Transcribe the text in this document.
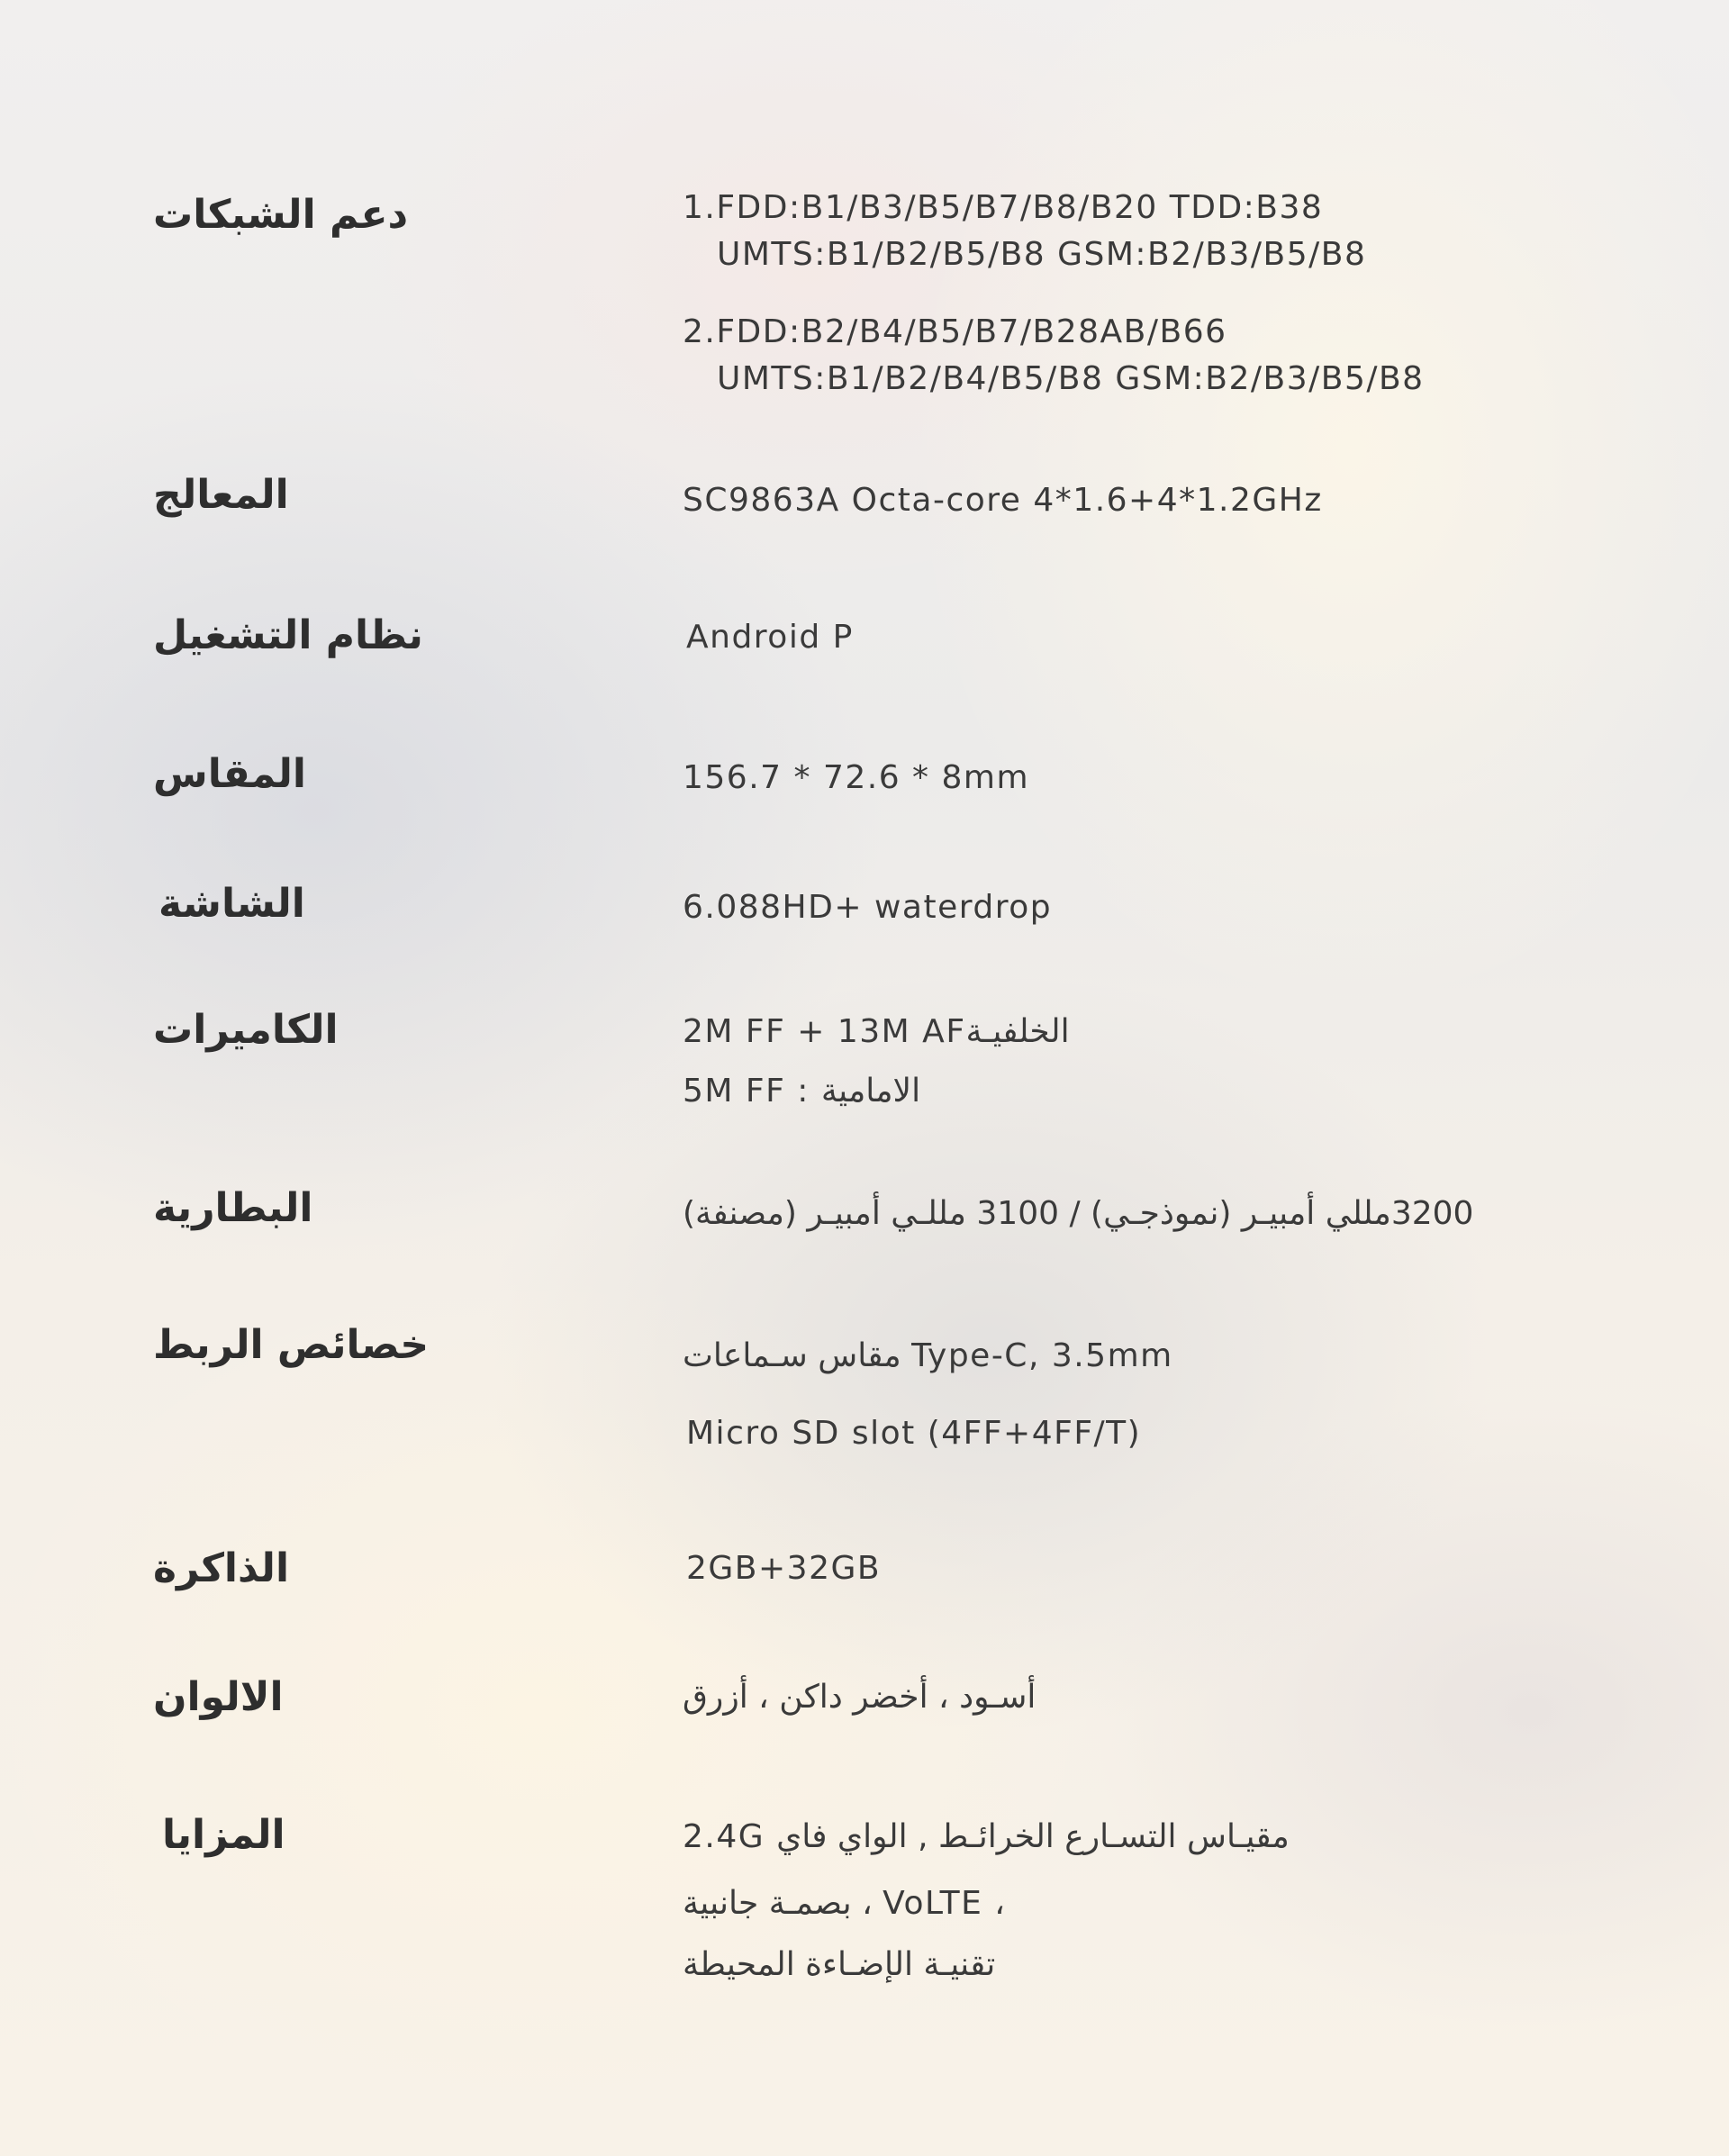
دعم الشبكات	1.FDD:B1/B3/B5/B7/B8/B20 TDD:B38
UMTS:B1/B2/B5/B8 GSM:B2/B3/B5/B8
2.FDD:B2/B4/B5/B7/B28AB/B66
UMTS:B1/B2/B4/B5/B8 GSM:B2/B3/B5/B8
المعالج	SC9863A Octa-core 4*1.6+4*1.2GHz
نظام التشغيل	Android P
المقاس	156.7 * 72.6 * 8mm
الشاشة	6.088HD+ waterdrop
الكاميرات	2M FF + 13M AFالخلفيـة
5M FF : الامامية
البطارية	3200مللي أمبيـر (نموذجـي) / 3100 مللـي أمبيـر (مصنفة)
خصائص الربط	مقاس سـماعات Type-C, 3.5mm
Micro SD slot (4FF+4FF/T)
الذاكرة	2GB+32GB
الالوان	أسـود ، أخضر داكن ، أزرق
المزايا	2.4G مقيـاس التسـارع الخرائـط , الواي فاي
بصمـة جانبية ، VoLTE ،
تقنيـة الإضـاءة المحيطة
